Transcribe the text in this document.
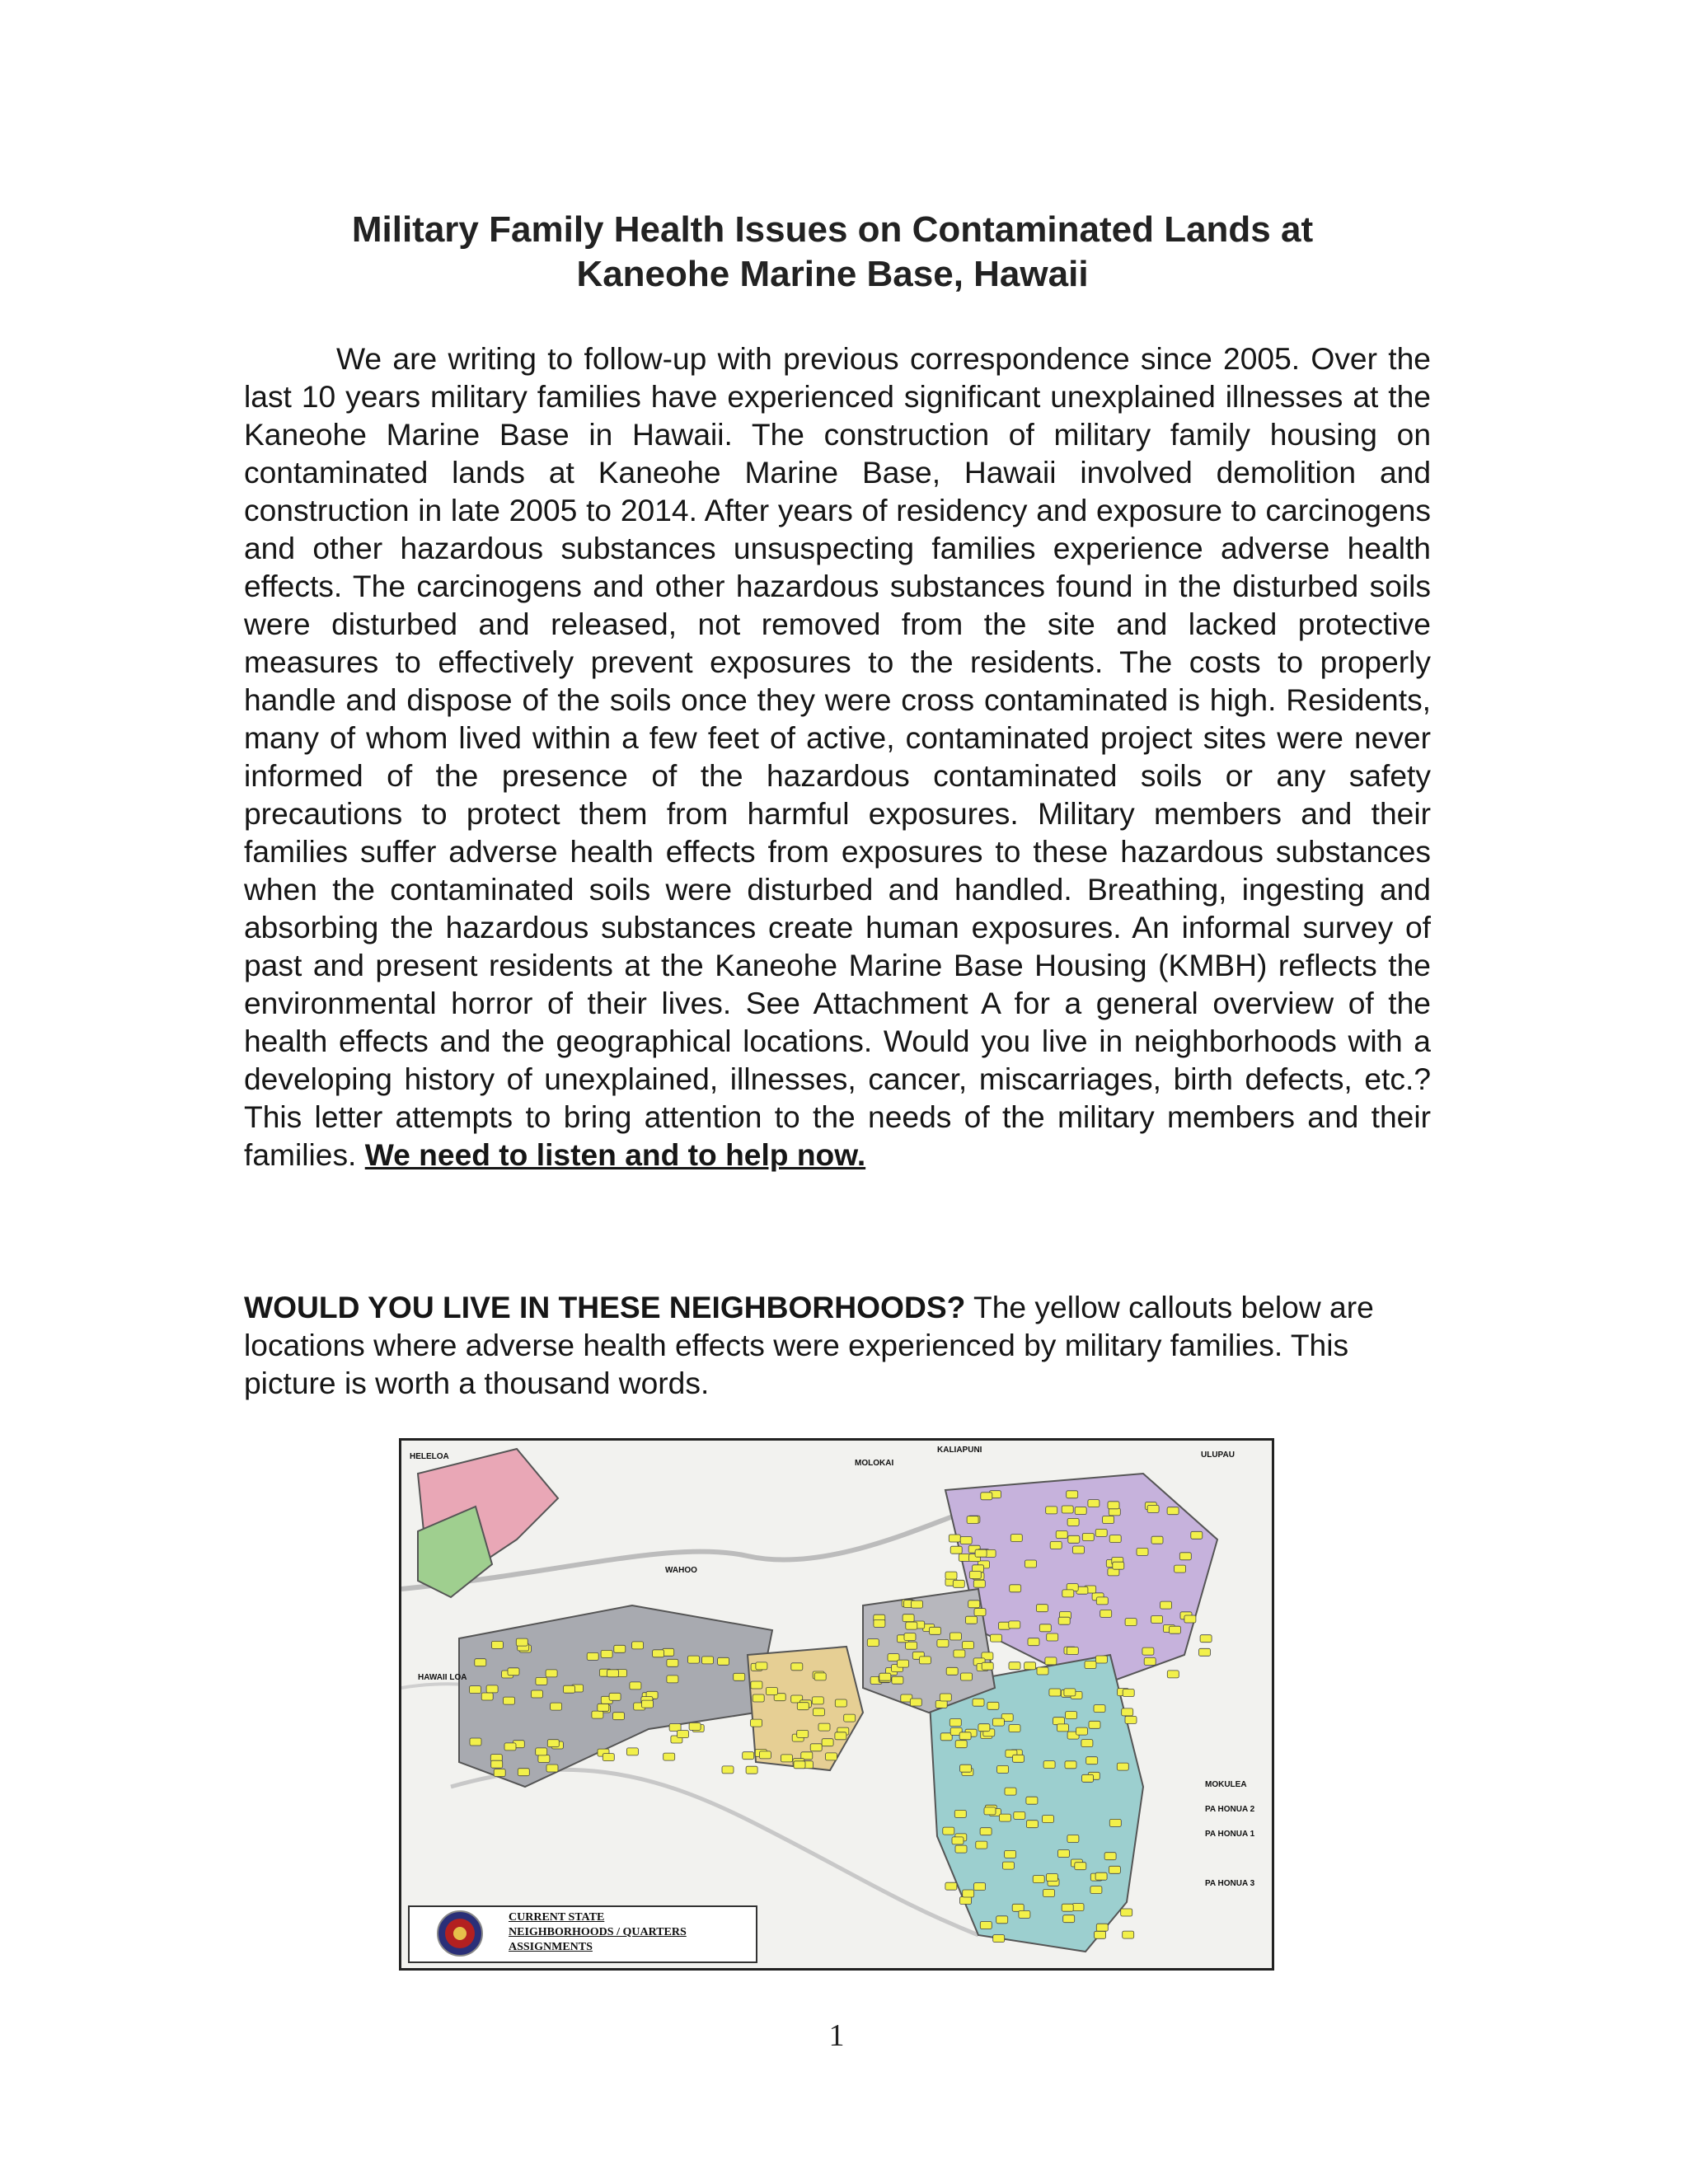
Military Family Health Issues on Contaminated Lands at
Kaneohe Marine Base, Hawaii

We are writing to follow-up with previous correspondence since 2005. Over the last 10 years military families have experienced significant unexplained illnesses at the Kaneohe Marine Base in Hawaii. The construction of military family housing on contaminated lands at Kaneohe Marine Base, Hawaii involved demolition and construction in late 2005 to 2014. After years of residency and exposure to carcinogens and other hazardous substances unsuspecting families experience adverse health effects. The carcinogens and other hazardous substances found in the disturbed soils were disturbed and released, not removed from the site and lacked protective measures to effectively prevent exposures to the residents. The costs to properly handle and dispose of the soils once they were cross contaminated is high. Residents, many of whom lived within a few feet of active, contaminated project sites were never informed of the presence of the hazardous contaminated soils or any safety precautions to protect them from harmful exposures. Military members and their families suffer adverse health effects from exposures to these hazardous substances when the contaminated soils were disturbed and handled. Breathing, ingesting and absorbing the hazardous substances create human exposures. An informal survey of past and present residents at the Kaneohe Marine Base Housing (KMBH) reflects the environmental horror of their lives. See Attachment A for a general overview of the health effects and the geographical locations. Would you live in neighborhoods with a developing history of unexplained, illnesses, cancer, miscarriages, birth defects, etc.? This letter attempts to bring attention to the needs of the military members and their families. We need to listen and to help now.

WOULD YOU LIVE IN THESE NEIGHBORHOODS? The yellow callouts below are locations where adverse health effects were experienced by military families. This picture is worth a thousand words.

HELELOA
WAHOO
HAWAII LOA
KALIAPUNI
MOLOKAI
ULUPAU
MOKULEA
PA HONUA 2
PA HONUA 1
PA HONUA 3
CURRENT STATE
NEIGHBORHOODS / QUARTERS ASSIGNMENTS
1
